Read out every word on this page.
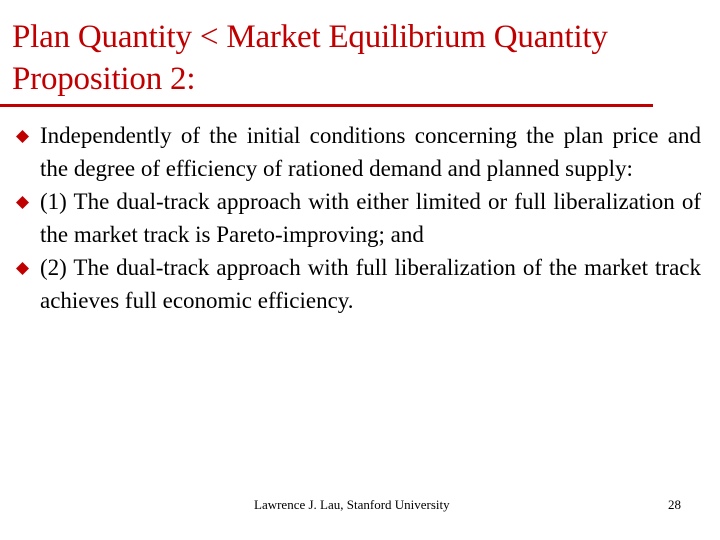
Plan Quantity < Market Equilibrium Quantity
Proposition 2:
Independently of the initial conditions concerning the plan price and the degree of efficiency of rationed demand and planned supply:
(1) The dual-track approach with either limited or full liberalization of the market track is Pareto-improving; and
(2) The dual-track approach with full liberalization of the market track achieves full economic efficiency.
Lawrence J. Lau, Stanford University	28
